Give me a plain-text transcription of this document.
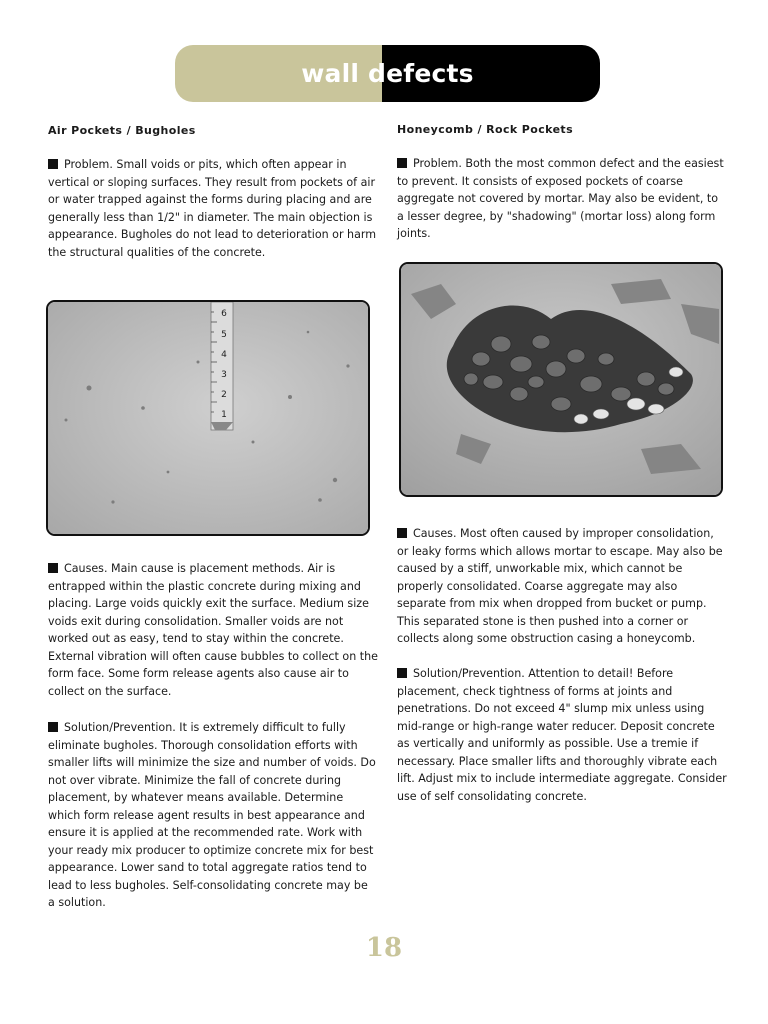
wall defects
Air Pockets / Bugholes

Problem. Small voids or pits, which often appear in vertical or sloping surfaces. They result from pockets of air or water trapped against the forms during placing and are generally less than 1/2" in diameter. The main objection is appearance. Bugholes do not lead to deterioration or harm the structural qualities of the concrete.

1
2
3
4
5
6

Causes. Main cause is placement methods. Air is entrapped within the plastic concrete during mixing and placing. Large voids quickly exit the surface. Medium size voids exit during consolidation. Smaller voids are not worked out as easy, tend to stay within the concrete. External vibration will often cause bubbles to collect on the form face. Some form release agents also cause air to collect on the surface.

Solution/Prevention. It is extremely difficult to fully eliminate bugholes. Thorough consolidation efforts with smaller lifts will minimize the size and number of voids. Do not over vibrate. Minimize the fall of concrete during placement, by whatever means available. Determine which form release agent results in best appearance and ensure it is applied at the recommended rate. Work with your ready mix producer to optimize concrete mix for best appearance. Lower sand to total aggregate ratios tend to lead to less bugholes. Self-consolidating concrete may be a solution.

Honeycomb / Rock Pockets

Problem. Both the most common defect and the easiest to prevent. It consists of exposed pockets of coarse aggregate not covered by mortar. May also be evident, to a lesser degree, by "shadowing" (mortar loss) along form joints.

Causes. Most often caused by improper consolidation, or leaky forms which allows mortar to escape. May also be caused by a stiff, unworkable mix, which cannot be properly consolidated. Coarse aggregate may also separate from mix when dropped from bucket or pump. This separated stone is then pushed into a corner or collects along some obstruction casing a honeycomb.

Solution/Prevention. Attention to detail! Before placement, check tightness of forms at joints and penetrations. Do not exceed 4" slump mix unless using mid-range or high-range water reducer. Deposit concrete as vertically and uniformly as possible. Use a tremie if necessary. Place smaller lifts and thoroughly vibrate each lift. Adjust mix to include intermediate aggregate. Consider use of self consolidating concrete.

18
